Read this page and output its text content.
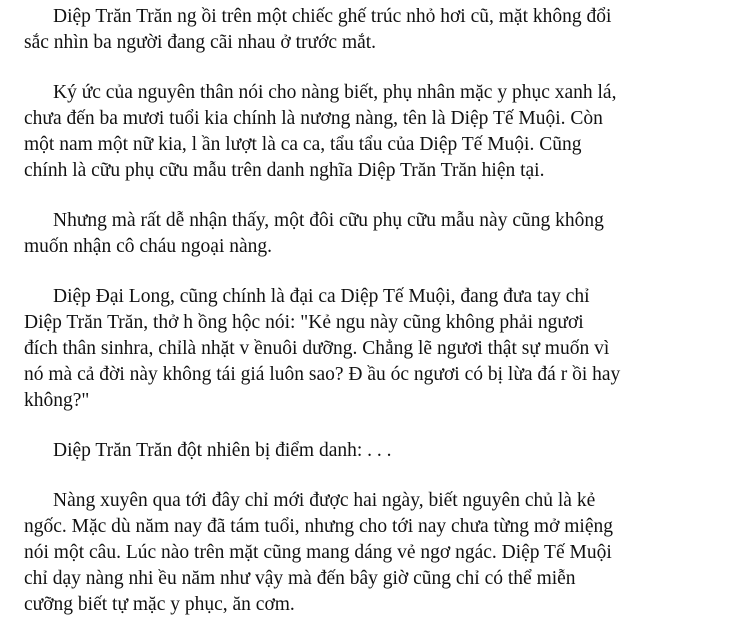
Diệp Trăn Trăn ng ồi trên một chiếc ghế trúc nhỏ hơi cũ, mặt không đổi
sắc nhìn ba người đang cãi nhau ở trước mắt.

Ký ức của nguyên thân nói cho nàng biết, phụ nhân mặc y phục xanh lá,
chưa đến ba mươi tuổi kia chính là nương nàng, tên là Diệp Tế Muội. Còn
một nam một nữ kia, l ần lượt là ca ca, tẩu tẩu của Diệp Tế Muội. Cũng
chính là cữu phụ cữu mẫu trên danh nghĩa Diệp Trăn Trăn hiện tại.

Nhưng mà rất dễ nhận thấy, một đôi cữu phụ cữu mẫu này cũng không
muốn nhận cô cháu ngoại nàng.

Diệp Đại Long, cũng chính là đại ca Diệp Tế Muội, đang đưa tay chỉ
Diệp Trăn Trăn, thở h ồng hộc nói: "Kẻ ngu này cũng không phải ngươi
đích thân sinhra, chỉlà nhặt v ềnuôi dưỡng. Chẳng lẽ ngươi thật sự muốn vì
nó mà cả đời này không tái giá luôn sao? Đ ầu óc ngươi có bị lừa đá r ồi hay
không?"

Diệp Trăn Trăn đột nhiên bị điểm danh: . . .

Nàng xuyên qua tới đây chỉ mới được hai ngày, biết nguyên chủ là kẻ
ngốc. Mặc dù năm nay đã tám tuổi, nhưng cho tới nay chưa từng mở miệng
nói một câu. Lúc nào trên mặt cũng mang dáng vẻ ngơ ngác. Diệp Tế Muội
chỉ dạy nàng nhi ều năm như vậy mà đến bây giờ cũng chỉ có thể miễn
cưỡng biết tự mặc y phục, ăn cơm.
